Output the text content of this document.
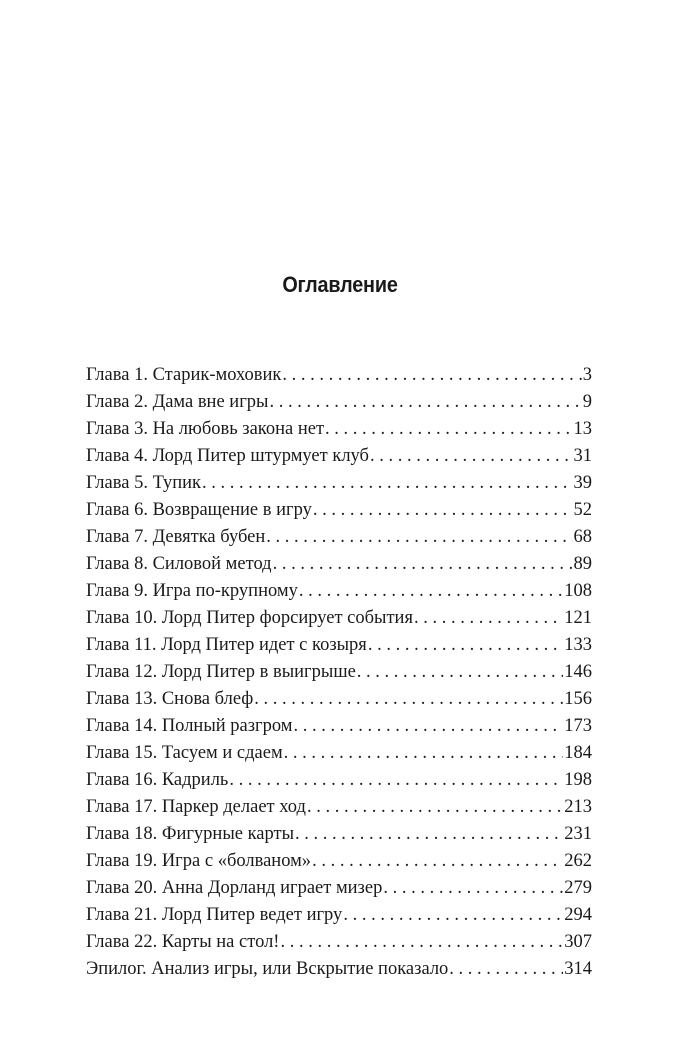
Оглавление
Глава 1. Старик-моховик . . .	3
Глава 2. Дама вне игры . . .	9
Глава 3. На любовь закона нет . . .	13
Глава 4. Лорд Питер штурмует клуб . . .	31
Глава 5. Тупик . . .	39
Глава 6. Возвращение в игру . . .	52
Глава 7. Девятка бубен . . .	68
Глава 8. Силовой метод . . .	89
Глава 9. Игра по-крупному . . .	108
Глава 10. Лорд Питер форсирует события . . .	121
Глава 11. Лорд Питер идет с козыря . . .	133
Глава 12. Лорд Питер в выигрыше . . .	146
Глава 13. Снова блеф . . .	156
Глава 14. Полный разгром . . .	173
Глава 15. Тасуем и сдаем . . .	184
Глава 16. Кадриль . . .	198
Глава 17. Паркер делает ход . . .	213
Глава 18. Фигурные карты . . .	231
Глава 19. Игра с «болваном» . . .	262
Глава 20. Анна Дорланд играет мизер . . .	279
Глава 21. Лорд Питер ведет игру . . .	294
Глава 22. Карты на стол! . . .	307
Эпилог. Анализ игры, или Вскрытие показало . . .	314
